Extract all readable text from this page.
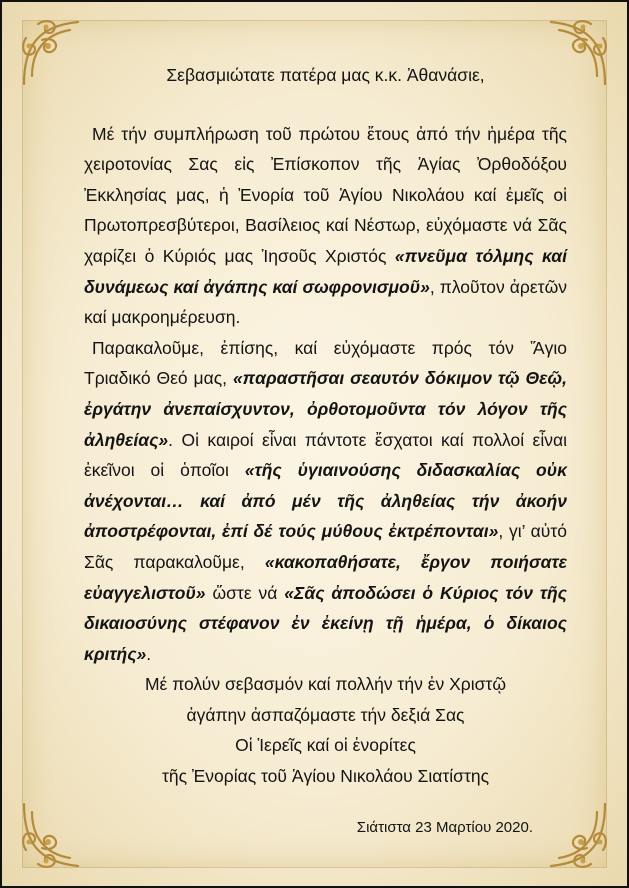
Σεβασμιώτατε πατέρα μας κ.κ. Ἀθανάσιε,

Μέ τήν συμπλήρωση τοῦ πρώτου ἔτους ἀπό τήν ἡμέρα τῆς χειροτονίας Σας εἰς Ἐπίσκοπον τῆς Ἁγίας Ὀρθοδόξου Ἐκκλησίας μας, ἡ Ἐνορία τοῦ Ἁγίου Νικολάου καί ἐμεῖς οἱ Πρωτοπρεσβύτεροι, Βασίλειος καί Νέστωρ, εὐχόμαστε νά Σᾶς χαρίζει ὁ Κύριός μας Ἰησοῦς Χριστός «πνεῦμα τόλμης καί δυνάμεως καί ἀγάπης καί σωφρονισμοῦ», πλοῦτον ἀρετῶν καί μακροημέρευση.

Παρακαλοῦμε, ἐπίσης, καί εὐχόμαστε πρός τόν Ἅγιο Τριαδικό Θεό μας, «παραστῆσαι σεαυτόν δόκιμον τῷ Θεῷ, ἐργάτην ἀνεπαίσχυντον, ὀρθοτομοῦντα τόν λόγον τῆς ἀληθείας». Οἱ καιροί εἶναι πάντοτε ἔσχατοι καί πολλοί εἶναι ἐκεῖνοι οἱ ὁποῖοι «τῆς ὑγιαινούσης διδασκαλίας οὐκ ἀνέχονται… καί ἀπό μέν τῆς ἀληθείας τήν ἀκοήν ἀποστρέφονται, ἐπί δέ τούς μύθους ἐκτρέπονται», γι’ αὐτό Σᾶς παρακαλοῦμε, «κακοπαθήσατε, ἔργον ποιήσατε εὐαγγελιστοῦ» ὥστε νά «Σᾶς ἀποδώσει ὁ Κύριος τόν τῆς δικαιοσύνης στέφανον ἐν ἐκείνῃ τῇ ἡμέρα, ὁ δίκαιος κριτής».

Μέ πολύν σεβασμόν καί πολλήν τήν ἐν Χριστῷ

ἀγάπην ἀσπαζόμαστε τήν δεξιά Σας

Οἱ Ἱερεῖς καί οἱ ἐνορίτες

τῆς Ἐνορίας τοῦ Ἁγίου Νικολάου Σιατίστης

Σιάτιστα 23 Μαρτίου 2020.
